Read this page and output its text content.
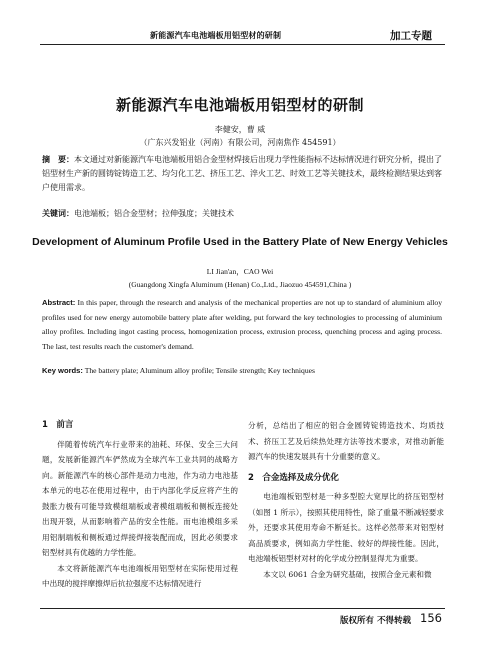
新能源汽车电池端板用铝型材的研制	加工专题
新能源汽车电池端板用铝型材的研制
李健安，曹 威
（广东兴发铝业（河南）有限公司，河南焦作 454591）
摘　要：本文通过对新能源汽车电池端板用铝合金型材焊接后出现力学性能指标不达标情况进行研究分析，提出了铝型材生产新的圆铸锭铸造工艺、均匀化工艺、挤压工艺、淬火工艺、时效工艺等关键技术，最终检测结果达到客户使用需求。
关键词：电池端板；铝合金型材；拉伸强度；关键技术
Development of Aluminum Profile Used in the Battery Plate of New Energy Vehicles
LI Jian'an，CAO Wei
(Guangdong Xingfa Aluminum (Henan) Co.,Ltd., Jiaozuo 454591,China )
Abstract: In this paper, through the research and analysis of the mechanical properties are not up to standard of aluminium alloy profiles used for new energy automobile battery plate after welding, put forward the key technologies to processing of aluminium alloy profiles. Including ingot casting process, homogenization process, extrusion process, quenching process and aging process. The last, test results reach the customer's demand.
Key words: The battery plate; Aluminum alloy profile; Tensile strength; Key techniques
1　前言

伴随着传统汽车行业带来的油耗、环保、安全三大问题，发展新能源汽车俨然成为全球汽车工业共同的战略方向。新能源汽车的核心部件是动力电池，作为动力电池基本单元的电芯在使用过程中，由于内部化学反应将产生的鼓胀力极有可能导致模组端板或者模组端板和侧板连接处出现开裂，从而影响着产品的安全性能。而电池模组多采用铝制端板和侧板通过焊接焊接装配而成，因此必须要求铝型材具有优越的力学性能。

本文将新能源汽车电池端板用铝型材在实际使用过程中出现的搅拌摩擦焊后抗拉强度不达标情况进行

分析，总结出了相应的铝合金圆铸锭铸造技术、均质技术、挤压工艺及后续热处理方法等技术要求，对推动新能源汽车的快速发展具有十分重要的意义。

2　合金选择及成分优化

电池端板铝型材是一种多型腔大宽厚比的挤压铝型材（如图 1 所示），按照其使用特性，除了重量不断减轻要求外，还要求其使用寿命不断延长。这样必然带来对铝型材高品质要求，例如高力学性能、较好的焊接性能。因此，电池端板铝型材对材的化学成分控制显得尤为重要。

本文以 6061 合金为研究基础，按照合金元素和微

版权所有 不得转载 156
